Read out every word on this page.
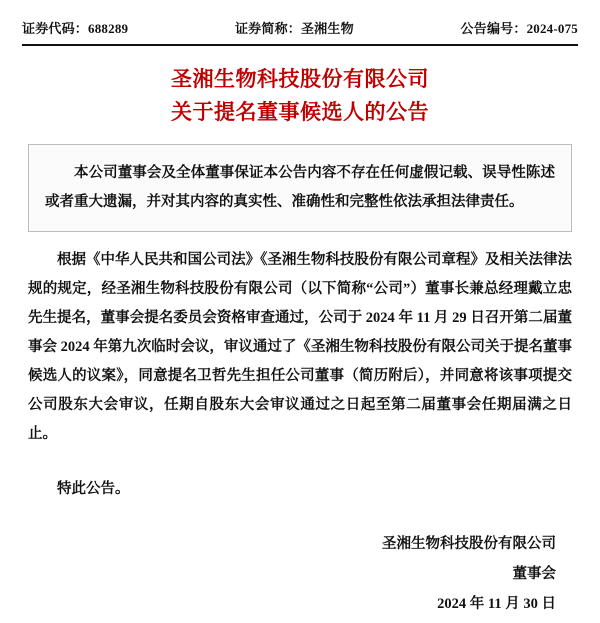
证券代码：688289	证券简称：圣湘生物	公告编号：2024-075
圣湘生物科技股份有限公司
关于提名董事候选人的公告
本公司董事会及全体董事保证本公告内容不存在任何虚假记载、误导性陈述或者重大遗漏，并对其内容的真实性、准确性和完整性依法承担法律责任。

根据《中华人民共和国公司法》《圣湘生物科技股份有限公司章程》及相关法律法规的规定，经圣湘生物科技股份有限公司（以下简称“公司”）董事长兼总经理戴立忠先生提名，董事会提名委员会资格审查通过，公司于 2024 年 11 月 29 日召开第二届董事会 2024 年第九次临时会议，审议通过了《圣湘生物科技股份有限公司关于提名董事候选人的议案》，同意提名卫哲先生担任公司董事（简历附后），并同意将该事项提交公司股东大会审议，任期自股东大会审议通过之日起至第二届董事会任期届满之日止。

特此公告。

圣湘生物科技股份有限公司
董事会
2024 年 11 月 30 日
